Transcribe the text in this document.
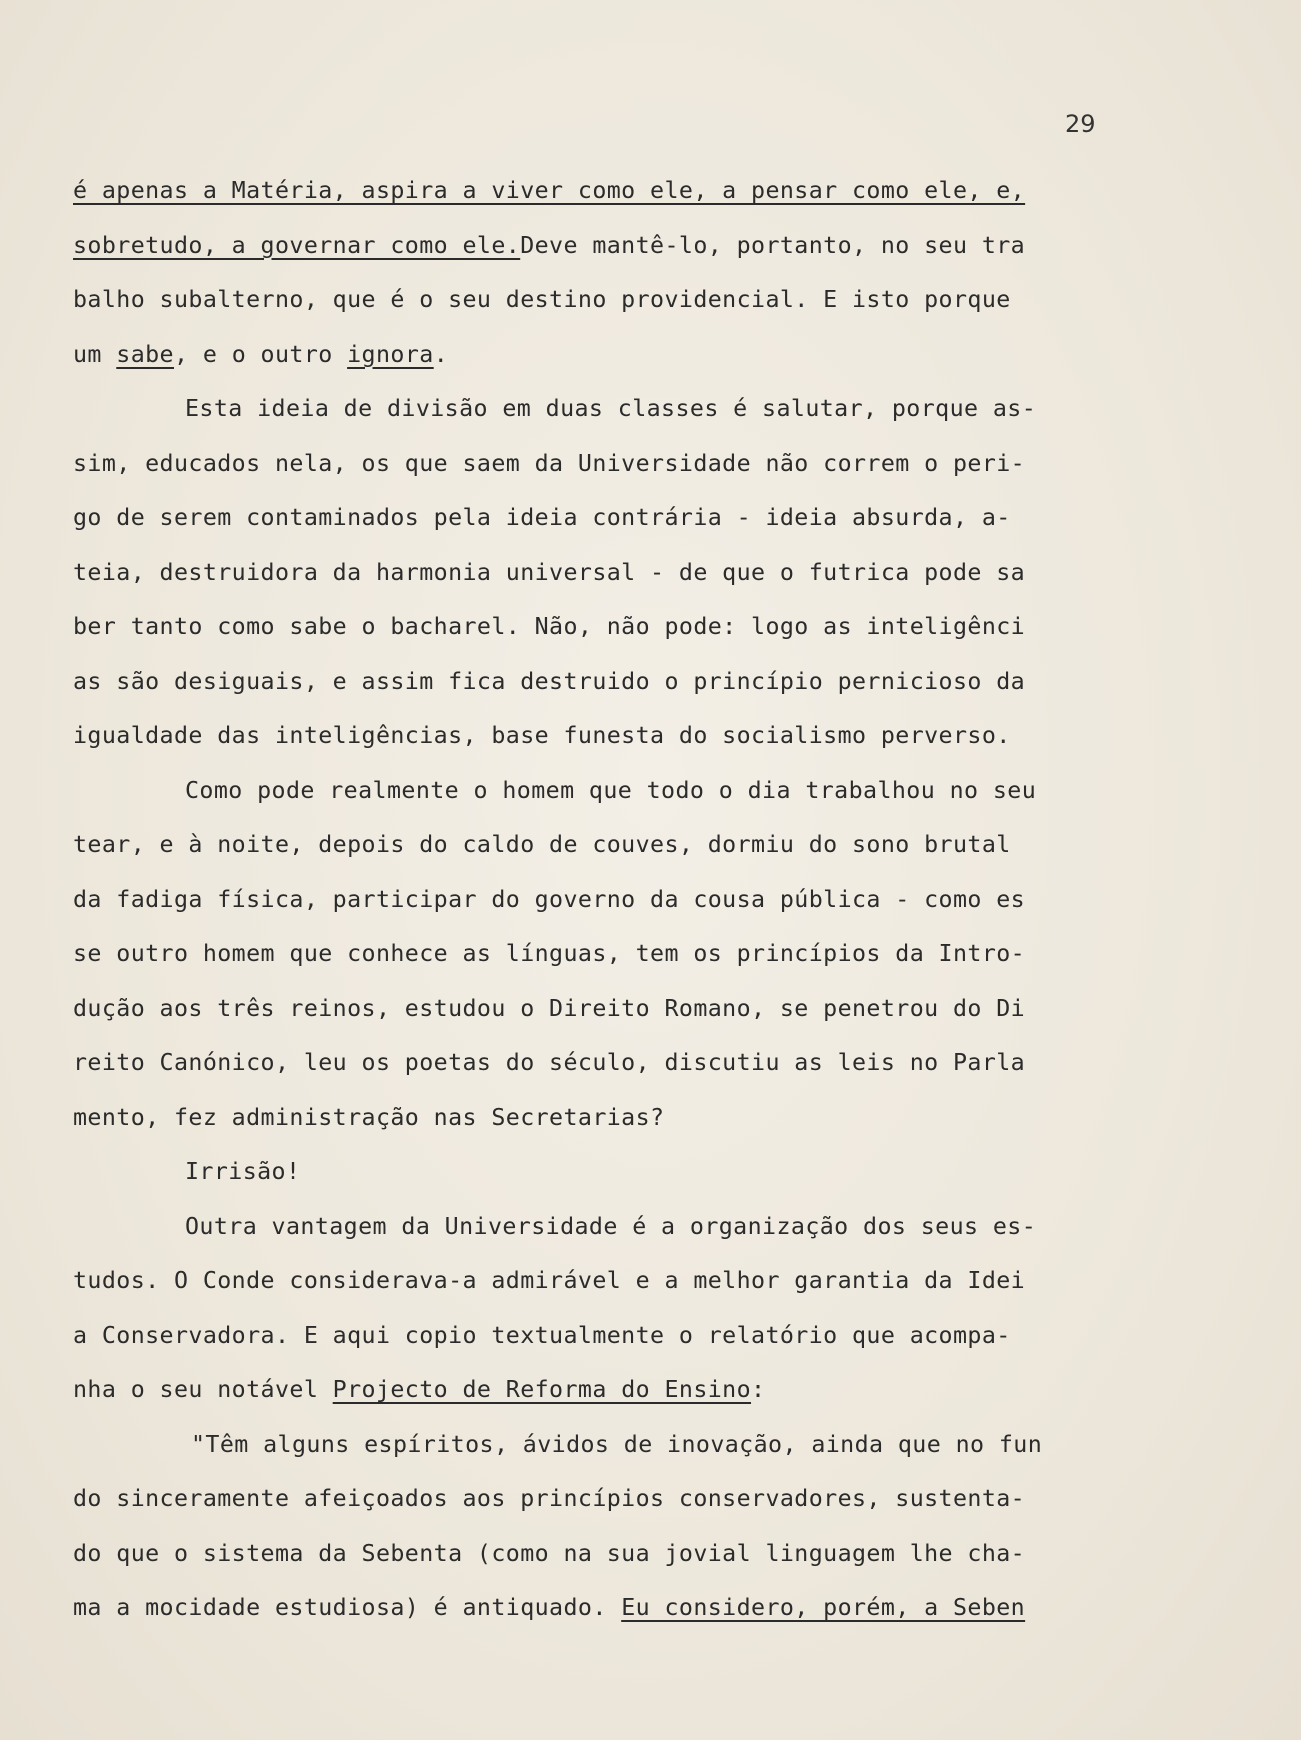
29
é apenas a Matéria, aspira a viver como ele, a pensar como ele, e,
sobretudo, a governar como ele.Deve mantê-lo, portanto, no seu tra
balho subalterno, que é o seu destino providencial. E isto porque
um sabe, e o outro ignora.
Esta ideia de divisão em duas classes é salutar, porque as-
sim, educados nela, os que saem da Universidade não correm o peri-
go de serem contaminados pela ideia contrária - ideia absurda, a-
teia, destruidora da harmonia universal - de que o futrica pode sa
ber tanto como sabe o bacharel. Não, não pode: logo as inteligênci
as são desiguais, e assim fica destruido o princípio pernicioso da
igualdade das inteligências, base funesta do socialismo perverso.
Como pode realmente o homem que todo o dia trabalhou no seu
tear, e à noite, depois do caldo de couves, dormiu do sono brutal
da fadiga física, participar do governo da cousa pública - como es
se outro homem que conhece as línguas, tem os princípios da Intro-
dução aos três reinos, estudou o Direito Romano, se penetrou do Di
reito Canónico, leu os poetas do século, discutiu as leis no Parla
mento, fez administração nas Secretarias?
Irrisão!
Outra vantagem da Universidade é a organização dos seus es-
tudos. O Conde considerava-a admirável e a melhor garantia da Idei
a Conservadora. E aqui copio textualmente o relatório que acompa-
nha o seu notável Projecto de Reforma do Ensino:
"Têm alguns espíritos, ávidos de inovação, ainda que no fun
do sinceramente afeiçoados aos princípios conservadores, sustenta-
do que o sistema da Sebenta (como na sua jovial linguagem lhe cha-
ma a mocidade estudiosa) é antiquado. Eu considero, porém, a Seben
